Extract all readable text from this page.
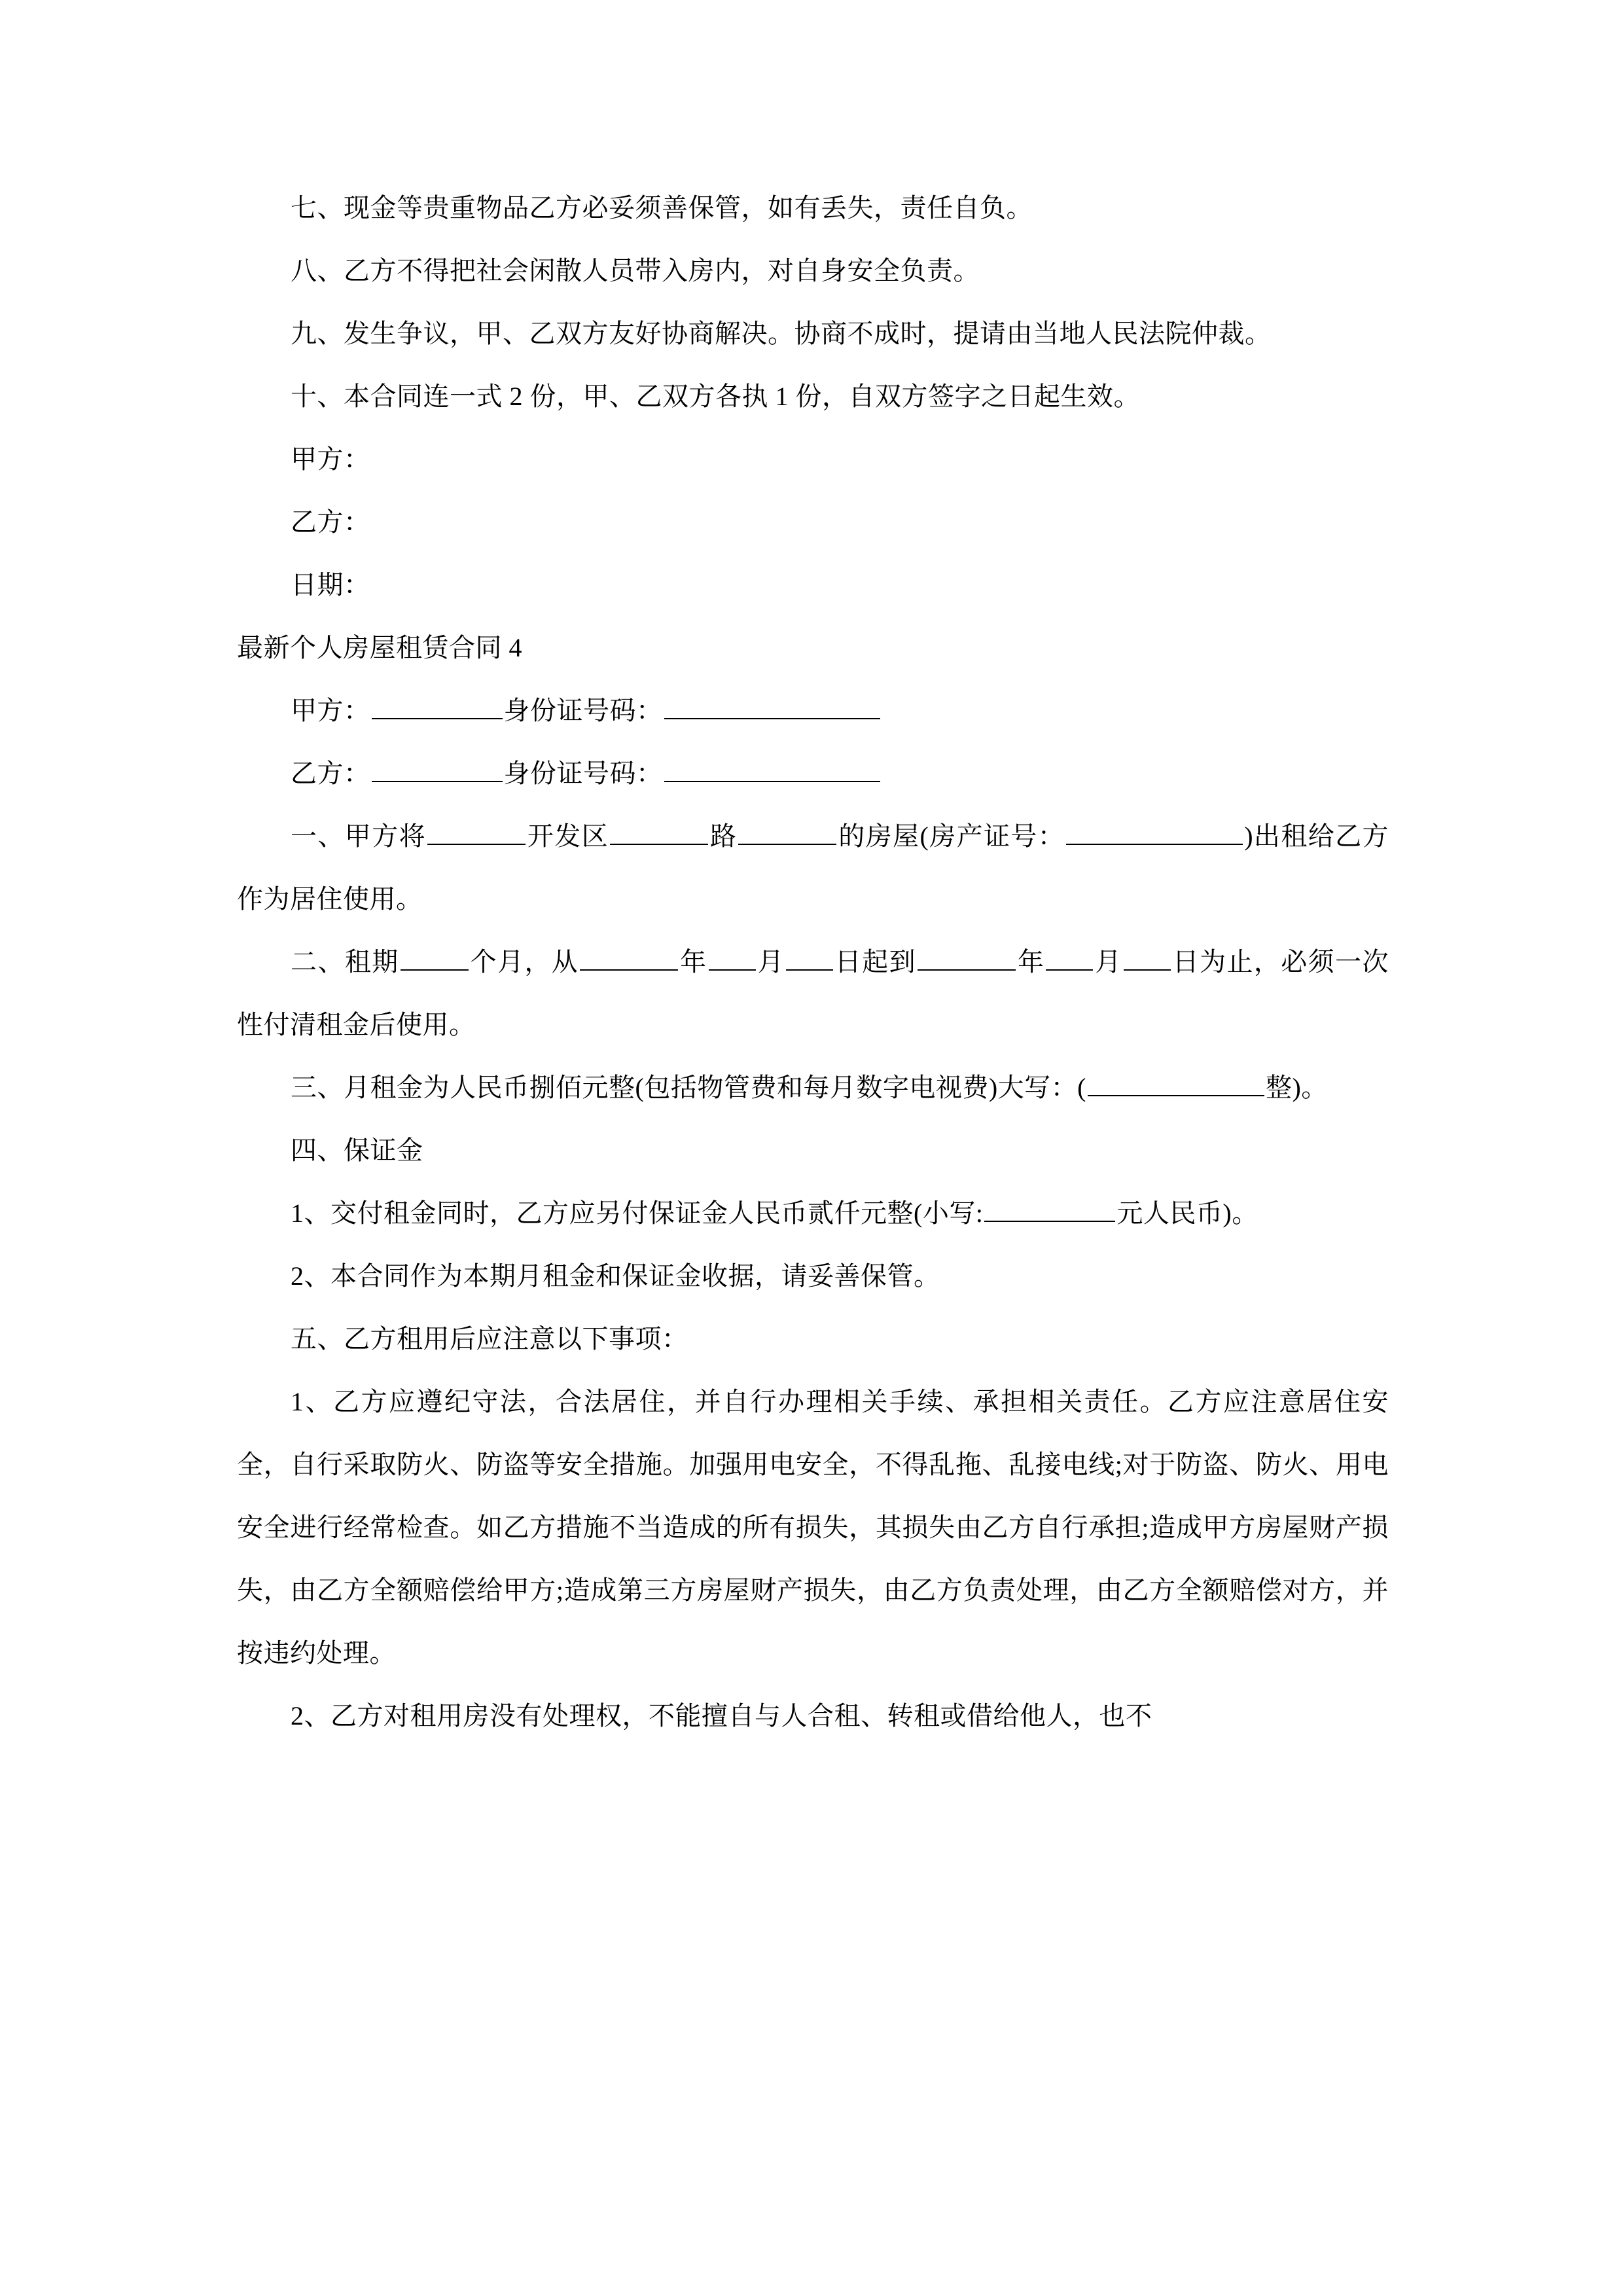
七、现金等贵重物品乙方必妥须善保管，如有丢失，责任自负。

八、乙方不得把社会闲散人员带入房内，对自身安全负责。

九、发生争议，甲、乙双方友好协商解决。协商不成时，提请由当地人民法院仲裁。

十、本合同连一式 2 份，甲、乙双方各执 1 份，自双方签字之日起生效。

甲方：

乙方：

日期：

最新个人房屋租赁合同 4

甲方：	身份证号码：

乙方：	身份证号码：

一、甲方将	开发区	路	的房屋(房产证号：	)出租给乙方作为居住使用。

二、租期	个月，从	年 月 日起到	年 月 日为止，必须一次性付清租金后使用。

三、月租金为人民币捌佰元整(包括物管费和每月数字电视费)大写：(	整)。

四、保证金

1、交付租金同时，乙方应另付保证金人民币贰仟元整(小写:	元人民币)。

2、本合同作为本期月租金和保证金收据，请妥善保管。

五、乙方租用后应注意以下事项：

1、乙方应遵纪守法，合法居住，并自行办理相关手续、承担相关责任。乙方应注意居住安全，自行采取防火、防盗等安全措施。加强用电安全，不得乱拖、乱接电线;对于防盗、防火、用电安全进行经常检查。如乙方措施不当造成的所有损失，其损失由乙方自行承担;造成甲方房屋财产损失，由乙方全额赔偿给甲方;造成第三方房屋财产损失，由乙方负责处理，由乙方全额赔偿对方，并按违约处理。

2、乙方对租用房没有处理权，不能擅自与人合租、转租或借给他人，也不
